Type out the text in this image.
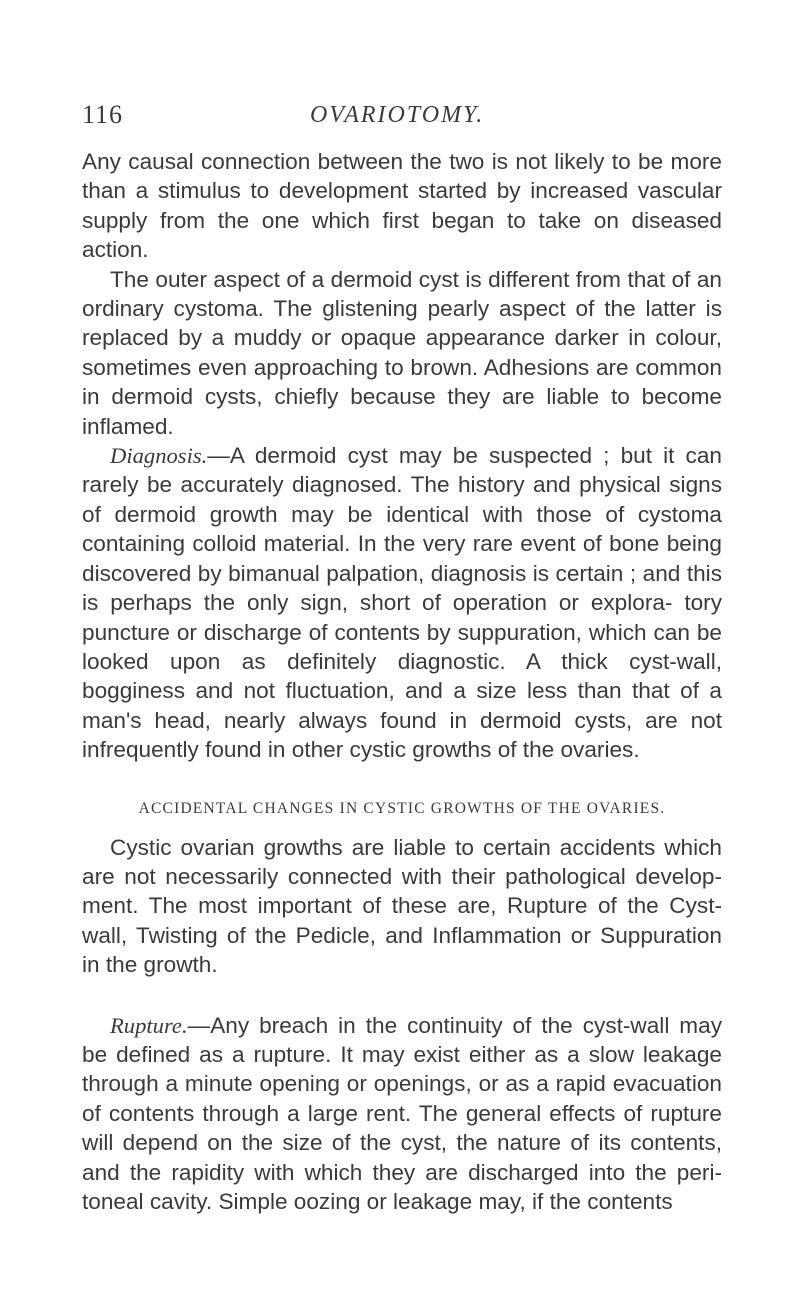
116	OVARIOTOMY.

Any causal connection between the two is not likely to be more than a stimulus to development started by increased vascular supply from the one which first began to take on diseased action.

The outer aspect of a dermoid cyst is different from that of an ordinary cystoma. The glistening pearly aspect of the latter is replaced by a muddy or opaque appearance darker in colour, sometimes even approaching to brown. Adhesions are common in dermoid cysts, chiefly because they are liable to become inflamed.

Diagnosis.—A dermoid cyst may be suspected ; but it can rarely be accurately diagnosed. The history and physical signs of dermoid growth may be identical with those of cystoma containing colloid material. In the very rare event of bone being discovered by bimanual palpation, diagnosis is certain ; and this is perhaps the only sign, short of operation or explora- tory puncture or discharge of contents by suppuration, which can be looked upon as definitely diagnostic. A thick cyst-wall, bogginess and not fluctuation, and a size less than that of a man's head, nearly always found in dermoid cysts, are not infrequently found in other cystic growths of the ovaries.

ACCIDENTAL CHANGES IN CYSTIC GROWTHS OF THE OVARIES.

Cystic ovarian growths are liable to certain accidents which are not necessarily connected with their pathological develop- ment. The most important of these are, Rupture of the Cyst- wall, Twisting of the Pedicle, and Inflammation or Suppuration in the growth.

Rupture.—Any breach in the continuity of the cyst-wall may be defined as a rupture. It may exist either as a slow leakage through a minute opening or openings, or as a rapid evacuation of contents through a large rent. The general effects of rupture will depend on the size of the cyst, the nature of its contents, and the rapidity with which they are discharged into the peri- toneal cavity. Simple oozing or leakage may, if the contents
